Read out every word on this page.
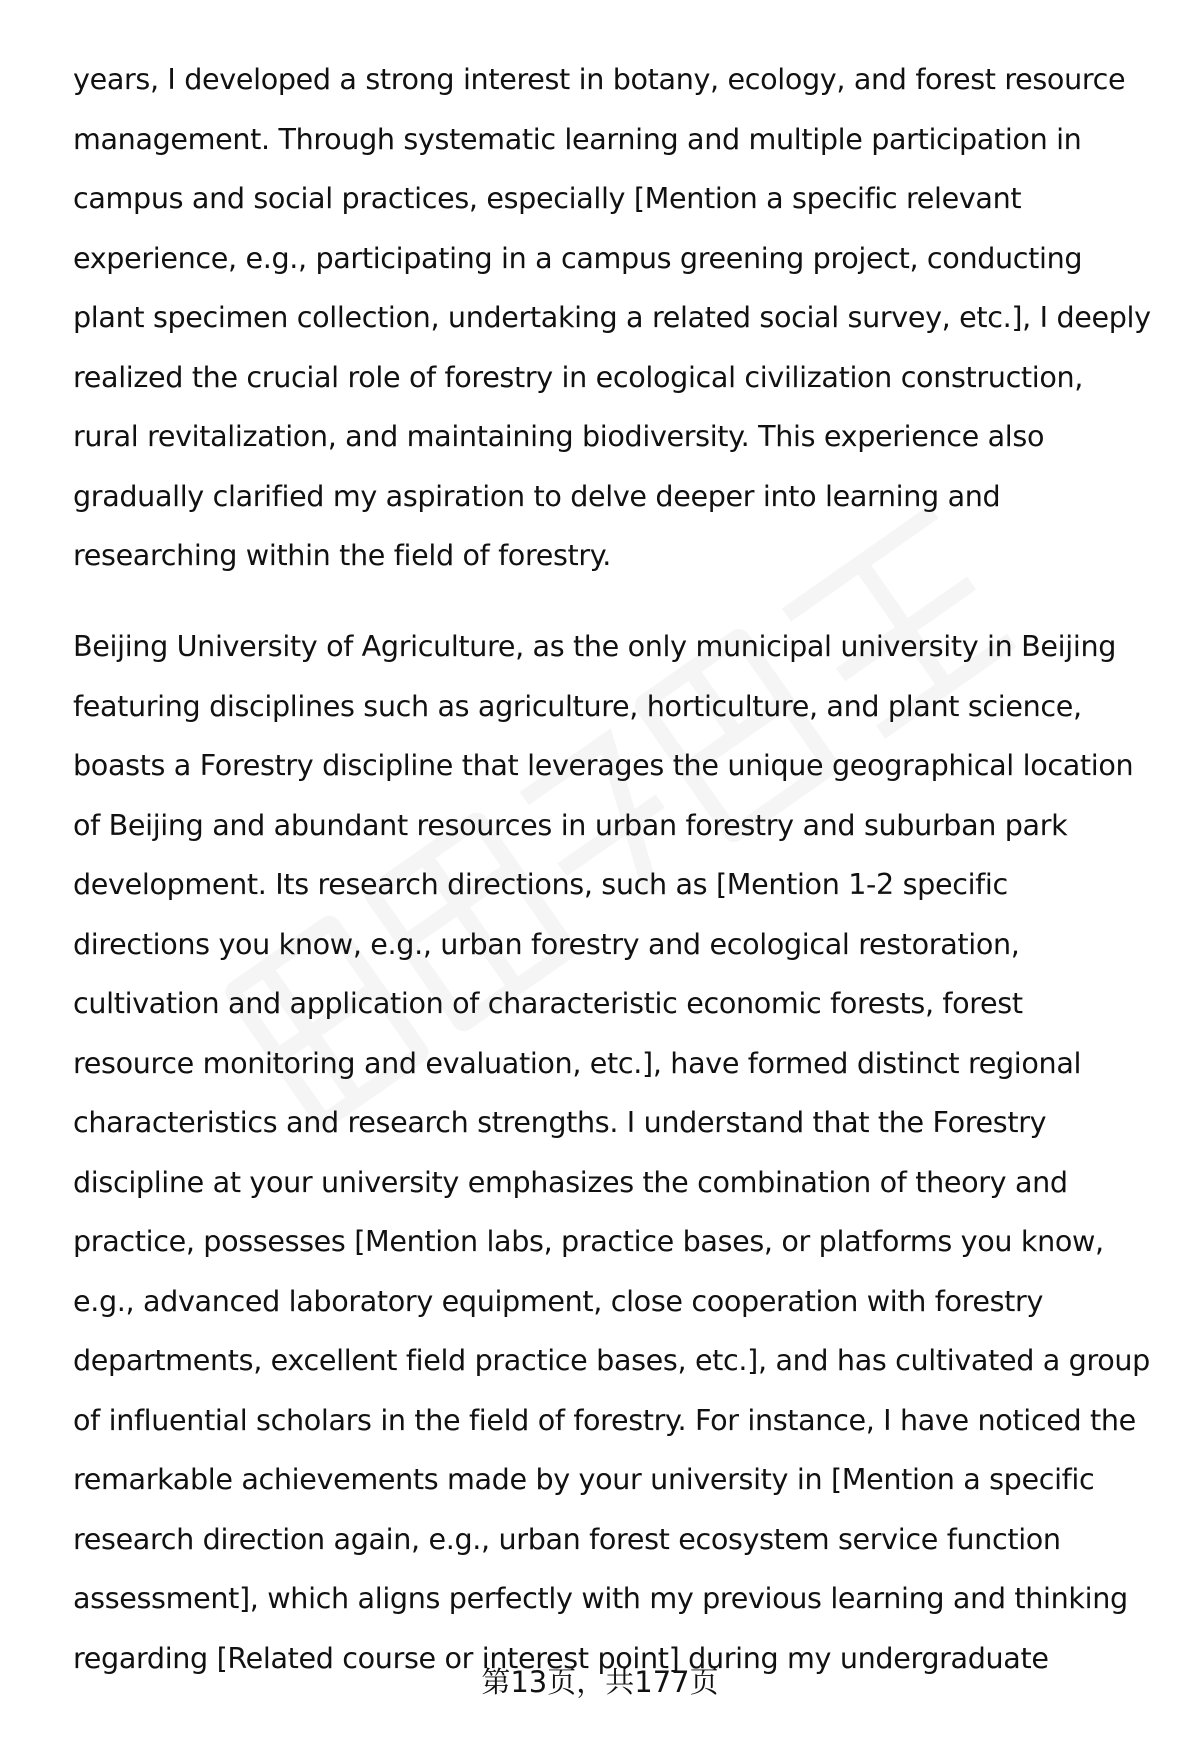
years, I developed a strong interest in botany, ecology, and forest resource
management. Through systematic learning and multiple participation in
campus and social practices, especially [Mention a specific relevant
experience, e.g., participating in a campus greening project, conducting
plant specimen collection, undertaking a related social survey, etc.], I deeply
realized the crucial role of forestry in ecological civilization construction,
rural revitalization, and maintaining biodiversity. This experience also
gradually clarified my aspiration to delve deeper into learning and
researching within the field of forestry.
Beijing University of Agriculture, as the only municipal university in Beijing
featuring disciplines such as agriculture, horticulture, and plant science,
boasts a Forestry discipline that leverages the unique geographical location
of Beijing and abundant resources in urban forestry and suburban park
development. Its research directions, such as [Mention 1-2 specific
directions you know, e.g., urban forestry and ecological restoration,
cultivation and application of characteristic economic forests, forest
resource monitoring and evaluation, etc.], have formed distinct regional
characteristics and research strengths. I understand that the Forestry
discipline at your university emphasizes the combination of theory and
practice, possesses [Mention labs, practice bases, or platforms you know,
e.g., advanced laboratory equipment, close cooperation with forestry
departments, excellent field practice bases, etc.], and has cultivated a group
of influential scholars in the field of forestry. For instance, I have noticed the
remarkable achievements made by your university in [Mention a specific
research direction again, e.g., urban forest ecosystem service function
assessment], which aligns perfectly with my previous learning and thinking
regarding [Related course or interest point] during my undergraduate
第13页，共177页
